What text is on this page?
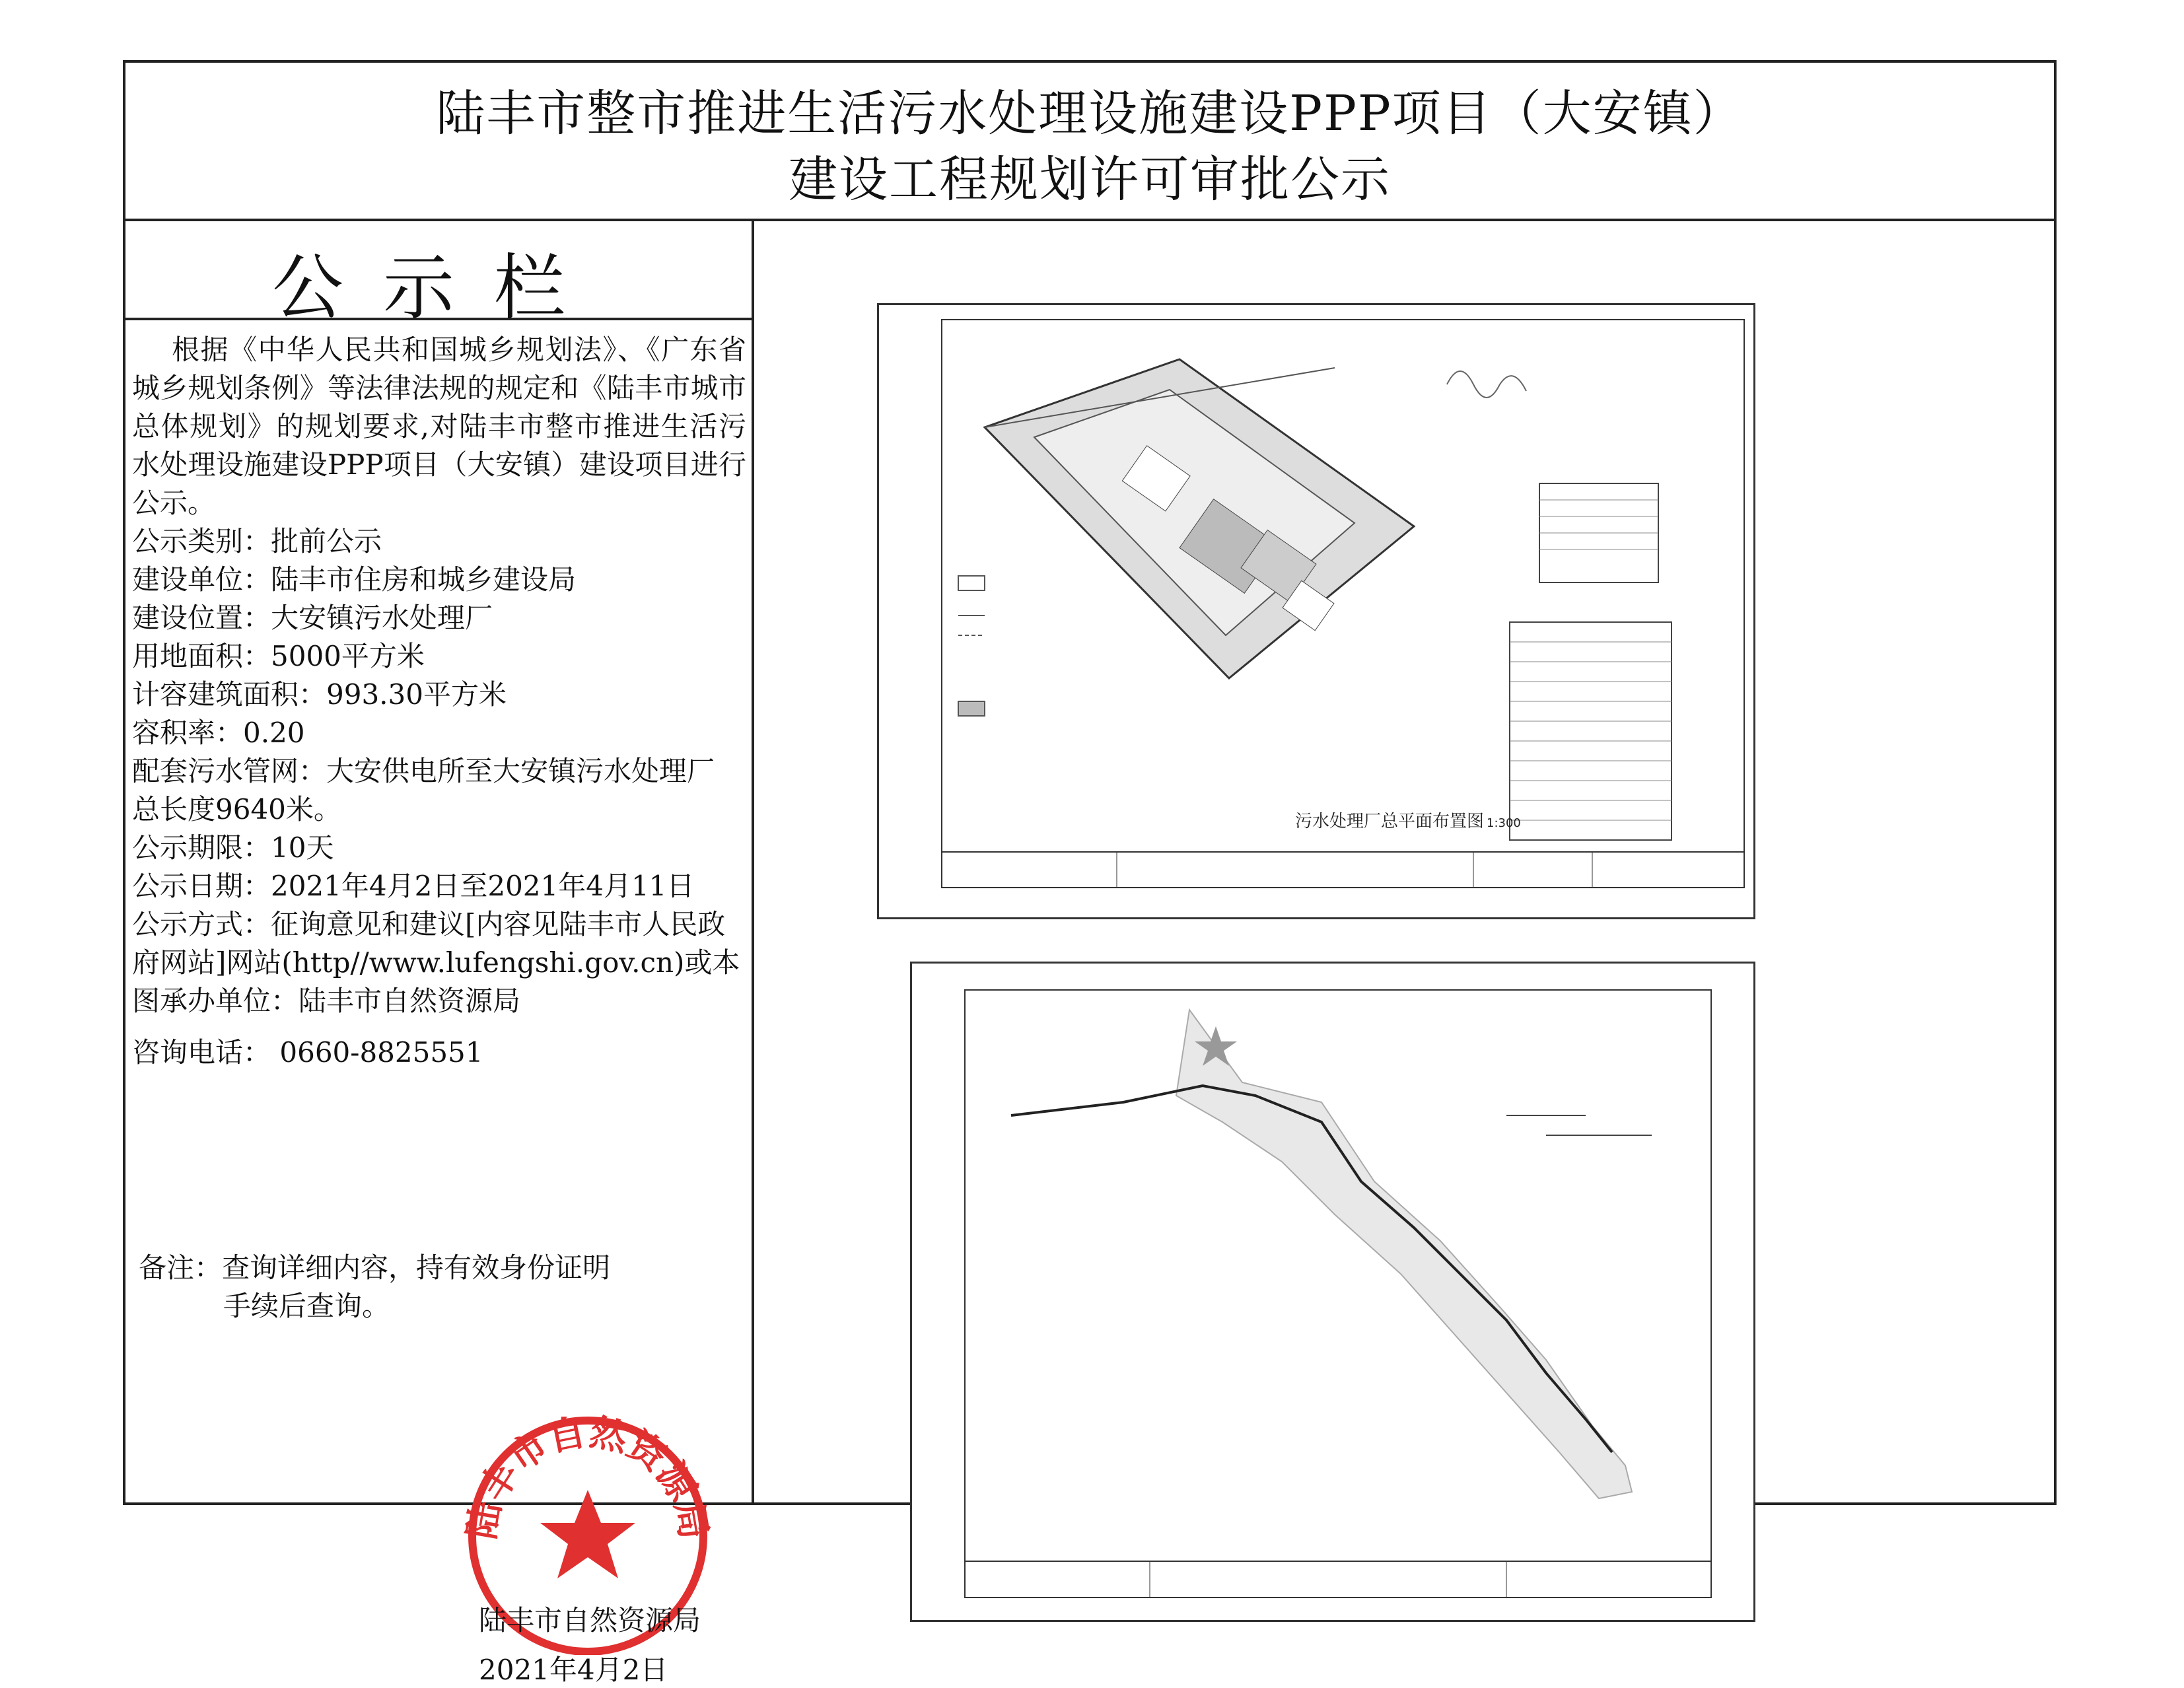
陆丰市整市推进生活污水处理设施建设PPP项目（大安镇）
建设工程规划许可审批公示
公示栏

根据《中华人民共和国城乡规划法》、《广东省城乡规划条例》等法律法规的规定和《陆丰市城市总体规划》的规划要求,对陆丰市整市推进生活污水处理设施建设PPP项目（大安镇）建设项目进行公示。

公示类别：批前公示

建设单位：陆丰市住房和城乡建设局

建设位置：大安镇污水处理厂

用地面积：5000平方米

计容建筑面积：993.30平方米

容积率：0.20

配套污水管网：大安供电所至大安镇污水处理厂

总长度9640米。

公示期限：10天

公示日期：2021年4月2日至2021年4月11日

公示方式：征询意见和建议[内容见陆丰市人民政

府网站]网站(http//www.lufengshi.gov.cn)或本

图承办单位：陆丰市自然资源局

咨询电话： 0660-8825551

备注：查询详细内容，持有效身份证明
手续后查询。
陆丰市自然资源局
陆丰市自然资源局
2021年4月2日
污水处理厂总平面布置图 1:300
